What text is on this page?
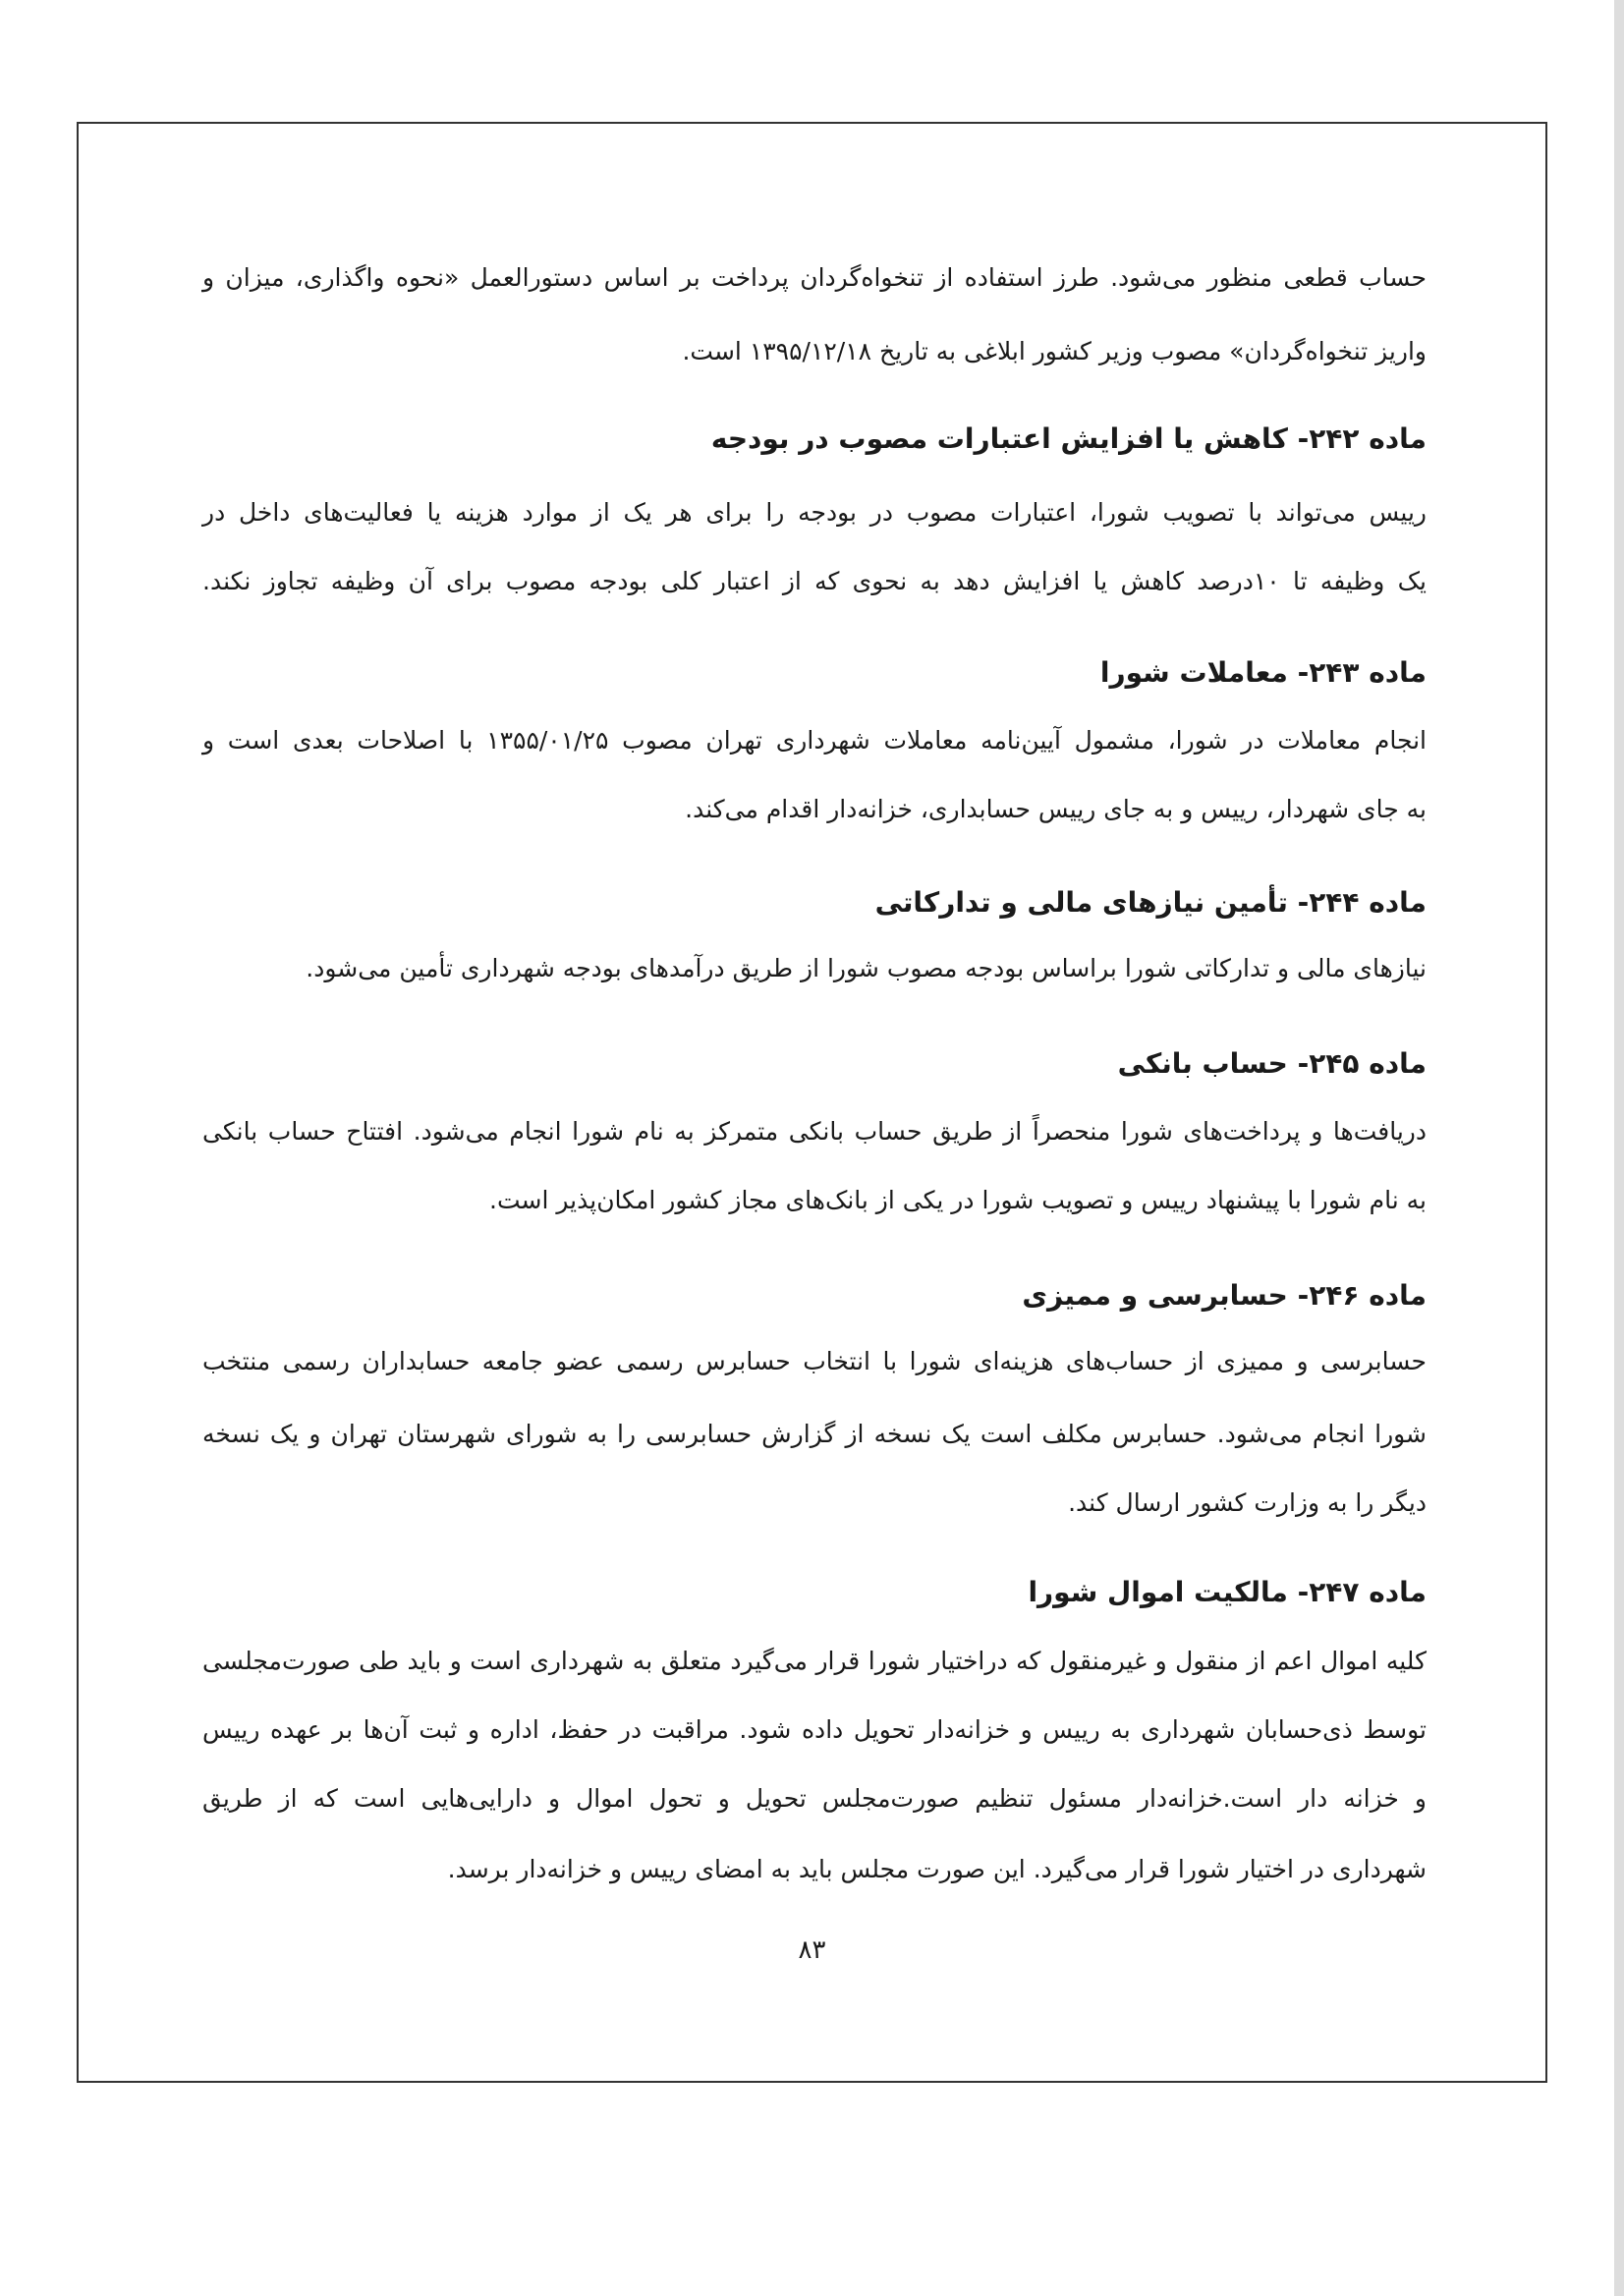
حساب قطعی منظور می‌شود. طرز استفاده از تنخواه‌گردان پرداخت بر اساس دستورالعمل «نحوه واگذاری، میزان و
واریز تنخواه‌گردان» مصوب وزیر کشور ابلاغی به تاریخ ۱۳۹۵/۱۲/۱۸ است.
ماده ۲۴۲- کاهش یا افزایش اعتبارات مصوب در بودجه
رییس می‌تواند با تصویب شورا، اعتبارات مصوب در بودجه را برای هر یک از موارد هزینه یا فعالیت‌های داخل در
یک وظیفه تا ۱۰درصد کاهش یا افزایش دهد به نحوی که از اعتبار کلی بودجه مصوب برای آن وظیفه تجاوز نکند.
ماده ۲۴۳- معاملات شورا
انجام معاملات در شورا، مشمول آیین‌نامه معاملات شهرداری تهران مصوب ۱۳۵۵/۰۱/۲۵ با اصلاحات بعدی است و
به جای شهردار، رییس و به جای رییس حسابداری، خزانه‌دار اقدام می‌کند.
ماده ۲۴۴- تأمین نیازهای مالی و تدارکاتی
نیازهای مالی و تدارکاتی شورا براساس بودجه مصوب شورا از طریق درآمدهای بودجه شهرداری تأمین می‌شود.
ماده ۲۴۵- حساب بانکی
دریافت‌ها و پرداخت‌های شورا منحصراً از طریق حساب بانکی متمرکز به نام شورا انجام می‌شود. افتتاح حساب بانکی
به نام شورا با پیشنهاد رییس و تصویب شورا در یکی از بانک‌های مجاز کشور امکان‌پذیر است.
ماده ۲۴۶- حسابرسی و ممیزی
حسابرسی و ممیزی از حساب‌های هزینه‌ای شورا با انتخاب حسابرس رسمی عضو جامعه حسابداران رسمی منتخب
شورا انجام می‌شود. حسابرس مکلف است یک نسخه از گزارش حسابرسی را به شورای شهرستان تهران و یک نسخه
دیگر را به وزارت کشور ارسال کند.
ماده ۲۴۷- مالکیت اموال شورا
کلیه اموال اعم از منقول و غیرمنقول که دراختیار شورا قرار می‌گیرد متعلق به شهرداری است و باید طی صورت‌مجلسی
توسط ذی‌حسابان شهرداری به رییس و خزانه‌دار تحویل داده شود. مراقبت در حفظ، اداره و ثبت آن‌ها بر عهده رییس
و خزانه دار است.خزانه‌دار مسئول تنظیم صورت‌مجلس تحویل و تحول اموال و دارایی‌هایی است که از طریق
شهرداری در اختیار شورا قرار می‌گیرد. این صورت مجلس باید به امضای رییس و خزانه‌دار برسد.
۸۳
